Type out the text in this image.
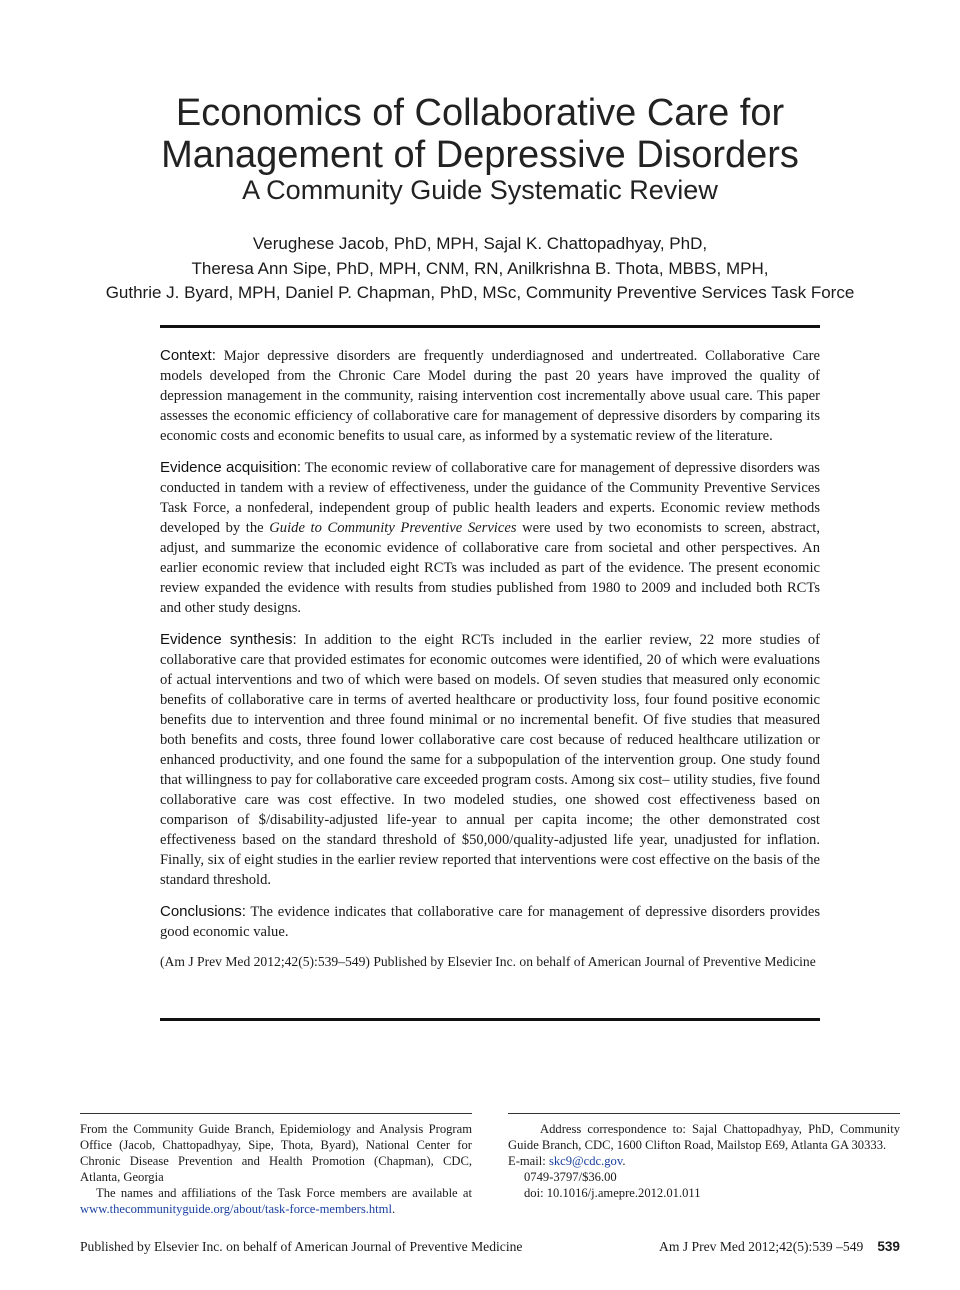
Economics of Collaborative Care for
Management of Depressive Disorders
A Community Guide Systematic Review
Verughese Jacob, PhD, MPH, Sajal K. Chattopadhyay, PhD,
Theresa Ann Sipe, PhD, MPH, CNM, RN, Anilkrishna B. Thota, MBBS, MPH,
Guthrie J. Byard, MPH, Daniel P. Chapman, PhD, MSc, Community Preventive Services Task Force

Context: Major depressive disorders are frequently underdiagnosed and undertreated. Collaborative Care models developed from the Chronic Care Model during the past 20 years have improved the quality of depression management in the community, raising intervention cost incrementally above usual care. This paper assesses the economic efficiency of collaborative care for management of depressive disorders by comparing its economic costs and economic benefits to usual care, as informed by a systematic review of the literature.

Evidence acquisition: The economic review of collaborative care for management of depressive disorders was conducted in tandem with a review of effectiveness, under the guidance of the Community Preventive Services Task Force, a nonfederal, independent group of public health leaders and experts. Economic review methods developed by the Guide to Community Preventive Services were used by two economists to screen, abstract, adjust, and summarize the economic evidence of collaborative care from societal and other perspectives. An earlier economic review that included eight RCTs was included as part of the evidence. The present economic review expanded the evidence with results from studies published from 1980 to 2009 and included both RCTs and other study designs.

Evidence synthesis: In addition to the eight RCTs included in the earlier review, 22 more studies of collaborative care that provided estimates for economic outcomes were identified, 20 of which were evaluations of actual interventions and two of which were based on models. Of seven studies that measured only economic benefits of collaborative care in terms of averted healthcare or productivity loss, four found positive economic benefits due to intervention and three found minimal or no incremental benefit. Of five studies that measured both benefits and costs, three found lower collaborative care cost because of reduced healthcare utilization or enhanced productivity, and one found the same for a subpopulation of the intervention group. One study found that willingness to pay for collaborative care exceeded program costs. Among six cost– utility studies, five found collaborative care was cost effective. In two modeled studies, one showed cost effectiveness based on comparison of $/disability-adjusted life-year to annual per capita income; the other demonstrated cost effectiveness based on the standard threshold of $50,000/quality-adjusted life year, unadjusted for inflation. Finally, six of eight studies in the earlier review reported that interventions were cost effective on the basis of the standard threshold.

Conclusions: The evidence indicates that collaborative care for management of depressive disorders provides good economic value.

(Am J Prev Med 2012;42(5):539–549) Published by Elsevier Inc. on behalf of American Journal of Preventive Medicine

From the Community Guide Branch, Epidemiology and Analysis Program Office (Jacob, Chattopadhyay, Sipe, Thota, Byard), National Center for Chronic Disease Prevention and Health Promotion (Chapman), CDC, Atlanta, Georgia

The names and affiliations of the Task Force members are available at www.thecommunityguide.org/about/task-force-members.html.

Address correspondence to: Sajal Chattopadhyay, PhD, Community Guide Branch, CDC, 1600 Clifton Road, Mailstop E69, Atlanta GA 30333.

E-mail: skc9@cdc.gov.

0749-3797/$36.00

doi: 10.1016/j.amepre.2012.01.011

Published by Elsevier Inc. on behalf of American Journal of Preventive Medicine	Am J Prev Med 2012;42(5):539 –549 539
